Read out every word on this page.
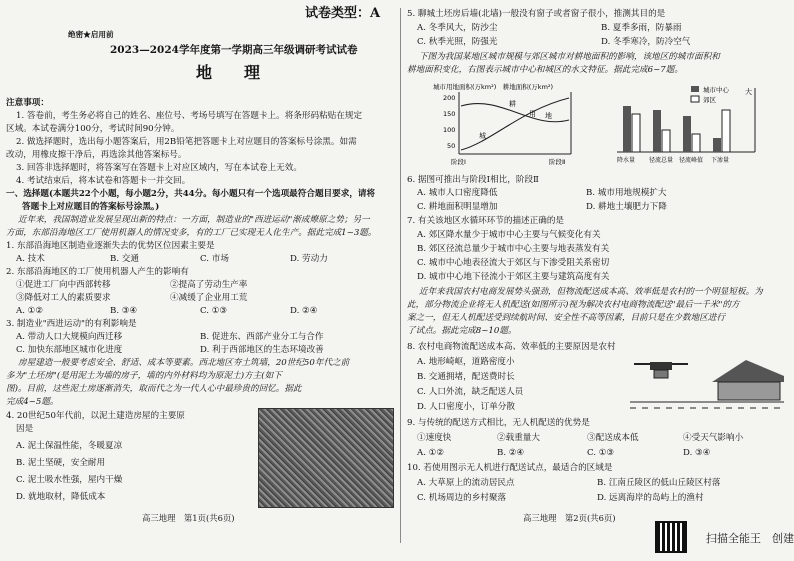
试卷类型：A
绝密★启用前
2023—2024学年度第一学期高三年级调研考试试卷
地　理
注意事项：
1. 答卷前，考生务必将自己的姓名、座位号、考场号填写在答题卡上。将条形码粘贴在规定
区域。本试卷满分100分，考试时间90分钟。
2. 做选择题时，选出每小题答案后，用2B铅笔把答题卡上对应题目的答案标号涂黑。如需
改动，用橡皮擦干净后，再选涂其他答案标号。
3. 回答非选择题时，将答案写在答题卡上对应区域内，写在本试卷上无效。
4. 考试结束后，将本试卷和答题卡一并交回。
一、选择题(本题共22个小题，每小题2分，共44分。每小题只有一个选项最符合题目要求，请将
答题卡上对应题目的答案标号涂黑。)
近年来，我国制造业发展呈现出新的特点：一方面，制造业的"西进运动"渐成燎原之势；另一
方面，东部沿海地区工厂使用机器人的情况变多，有的工厂已实现无人化生产。据此完成1~3题。
1. 东部沿海地区制造业逐渐失去的优势区位因素主要是
A. 技术	B. 交通	C. 市场	D. 劳动力
2. 东部沿海地区的工厂使用机器人产生的影响有
①促进工厂向中西部转移	②提高了劳动生产率
③降低对工人的素质要求	④减缓了企业用工荒
A. ①②	B. ③④	C. ①③	D. ②④
3. 制造业"西进运动"的有利影响是
A. 带动人口大规模向西迁移	B. 促进东、西部产业分工与合作
C. 加快东部地区城市化进度	D. 利于西部地区的生态环境改善
房屋建造一般要考虑安全、舒适、成本等要素。西北地区夯土筑墙，20世纪50年代之前
多为"土坯房"(是用泥土为墙的房子，墙的内外材料均为原泥土)方主(如下
图)。目前，这些泥土房逐渐消失，取而代之为一代人心中最珍贵的回忆。据此
完成4~5题。
4. 20世纪50年代前，以泥土建造房屋的主要原
因是
A. 泥土保温性能，冬暖夏凉
B. 泥土坚硬，安全耐用
C. 泥土吸水性强，屋内干燥
D. 就地取材，降低成本
高三地理　第1页(共6页)
5. 聊城土坯房后墙(北墙)一般没有窗子或者窗子很小，推测其目的是
A. 冬季风大，防沙尘	B. 夏季多雨，防暴雨
C. 秋季光照，防强光	D. 冬季寒冷，防冷空气
下图为我国某地区城市规模与郊区城市对耕地面积的影响，该地区的城市面积和
耕地面积变化，右图表示城市中心和城区的水文特征。据此完成6~7题。
城市用地面积(万km²)　耕地面积(万km²)
200
150
100
50
城
耕
用 地
阶段Ⅰ	阶段Ⅱ
大
城市中心
郊区
降水量 径流总量 径流峰值 下渗量
6. 据图可推出与阶段Ⅰ相比，阶段Ⅱ
A. 城市人口密度降低	B. 城市用地规模扩大
C. 耕地面积明显增加	D. 耕地土壤肥力下降
7. 有关该地区水循环环节的描述正确的是
A. 郊区降水量少于城市中心主要与气候变化有关
B. 郊区径流总量少于城市中心主要与地表蒸发有关
C. 城市中心地表径流大于郊区与下渗受阻关系密切
D. 城市中心地下径流小于郊区主要与建筑高度有关
近年来我国农村电商发展势头强劲，但物流配送成本高、效率低是农村的一个明显短板。为
此，部分物流企业将无人机配送(如图所示)视为解决农村电商物流配送"最后一千米"的方
案之一，但无人机配送受到续航时间、安全性不高等因素，目前只是在少数地区进行
了试点。据此完成8~10题。
8. 农村电商物流配送成本高、效率低的主要原因是农村
A. 地形崎岖，道路密度小
B. 交通拥堵，配送费时长
C. 人口外流，缺乏配送人员
D. 人口密度小，订单分散
9. 与传统的配送方式相比，无人机配送的优势是
①速度快	②载重量大	③配送成本低	④受天气影响小
A. ①②	B. ②④	C. ①③	D. ③④
10. 若使用图示无人机进行配送试点，最适合的区域是
A. 大草原上的流动居民点	B. 江南丘陵区的低山丘陵区村落
C. 机场周边的乡村聚落	D. 远离海岸的岛屿上的渔村
高三地理　第2页(共6页)
扫描全能王　创建
